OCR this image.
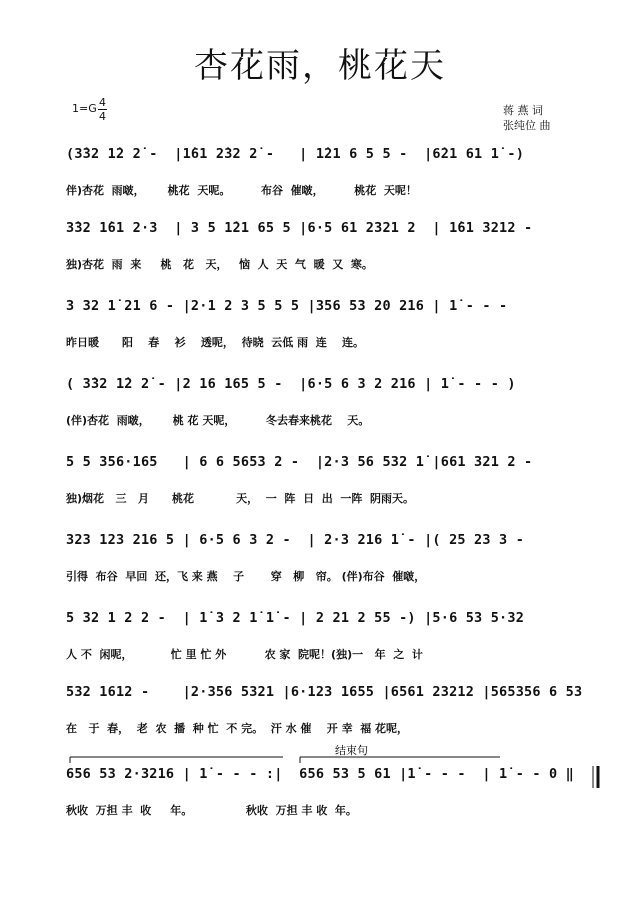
杏花雨，桃花天
1=G 4
4	蒋 燕 词
张纯位 曲
(3̇32 1̇2 2̇ -  |1̇61 2̇32 2̇ -   | 1̇21 6 5 5 -  |6̇21 61 1̇ -)
伴)杏花  雨啵，      桃花  天呢。        布谷  催啵，        桃花  天呢！
3̇32 1̇61 2·3  | 3 5 1̇21 65 5 |6·5 61 2321 2  | 1̇61 3212 -
独)杏花  雨  来     桃   花   天，   恼  人  天  气  暖  又  寒。
3 32 1̇ 21 6 - |2·1 2 3 5 5 5 |356 53 20 216 | 1̇ - - -
昨日暖      阳    春    衫    透呢，  待晓  云低 雨  连    连。
( 3̇32 1̇2 2̇ - |2 16 165 5 -  |6·5 6 3 2 216 | 1̇ - - - )
(伴)杏花  雨啵，      桃 花 天呢，        冬去春来桃花    天。
5 5 356·165   | 6 6 5653 2 -  |2·3 56 532 1̇ |661 321 2 -
独)烟花   三   月      桃花           天，  一  阵  日  出  一阵  阴雨天。
323 123 216 5 | 6·5 6 3 2 -  | 2·3 216 1̇ - |( 25 23 3 -
引得  布谷  早回  还，飞 来 燕    子       穿   柳   帘。 (伴)布谷  催啵，
5 32 1 2 2 -  | 1̇ 3 2 1̇ 1̇ - | 2 21 2 55 -) |5·6 53 5·32
人 不  闲呢，          忙 里 忙 外          农 家  院呢！(独)一   年  之  计
532 1612 -    |2·356 5321 |6·123 1655 |6561 23212 |565356 6 53
在   于  春，  老  农  播  种 忙  不 完。  汗 水 催    开 幸  福 花呢，
656 53 2·3216 | 1̇ - - - :|  656 53 5 61 |1̇ - - -  | 1̇ - - 0 ‖
秋收  万担 丰  收     年。              秋收  万担 丰 收  年。
结束句
